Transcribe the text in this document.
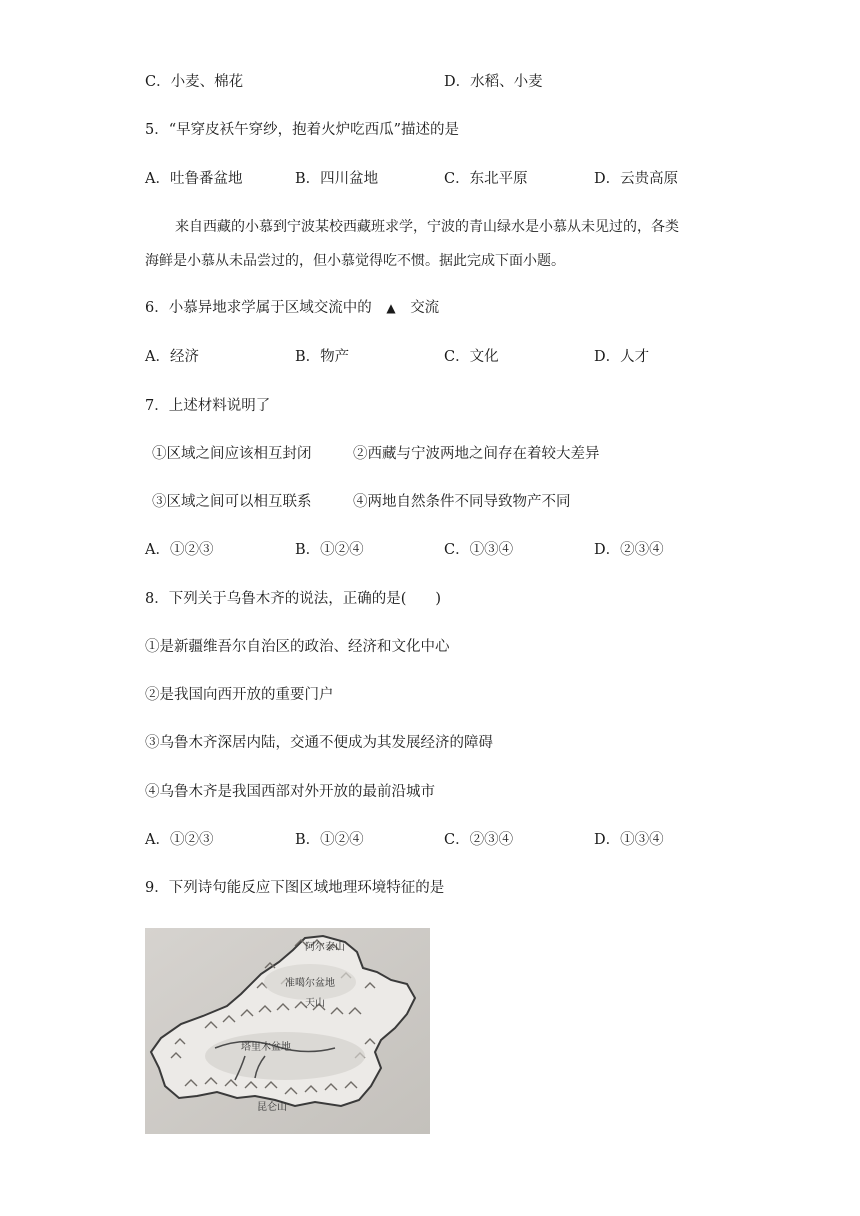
C．小麦、棉花	D．水稻、小麦
5．“早穿皮袄午穿纱，抱着火炉吃西瓜”描述的是
A．吐鲁番盆地	B．四川盆地	C．东北平原	D．云贵高原
来自西藏的小慕到宁波某校西藏班求学，宁波的青山绿水是小慕从未见过的，各类
海鲜是小慕从未品尝过的，但小慕觉得吃不惯。据此完成下面小题。
6．小慕异地求学属于区域交流中的 ▲ 交流
A．经济	B．物产	C．文化	D．人才
7．上述材料说明了
①区域之间应该相互封闭	②西藏与宁波两地之间存在着较大差异
③区域之间可以相互联系	④两地自然条件不同导致物产不同
A．①②③	B．①②④	C．①③④	D．②③④
8．下列关于乌鲁木齐的说法，正确的是(　　)
①是新疆维吾尔自治区的政治、经济和文化中心
②是我国向西开放的重要门户
③乌鲁木齐深居内陆，交通不便成为其发展经济的障碍
④乌鲁木齐是我国西部对外开放的最前沿城市
A．①②③	B．①②④	C．②③④	D．①③④
9．下列诗句能反应下图区域地理环境特征的是
阿尔泰山
准噶尔盆地
天山
塔里木盆地
昆仑山
